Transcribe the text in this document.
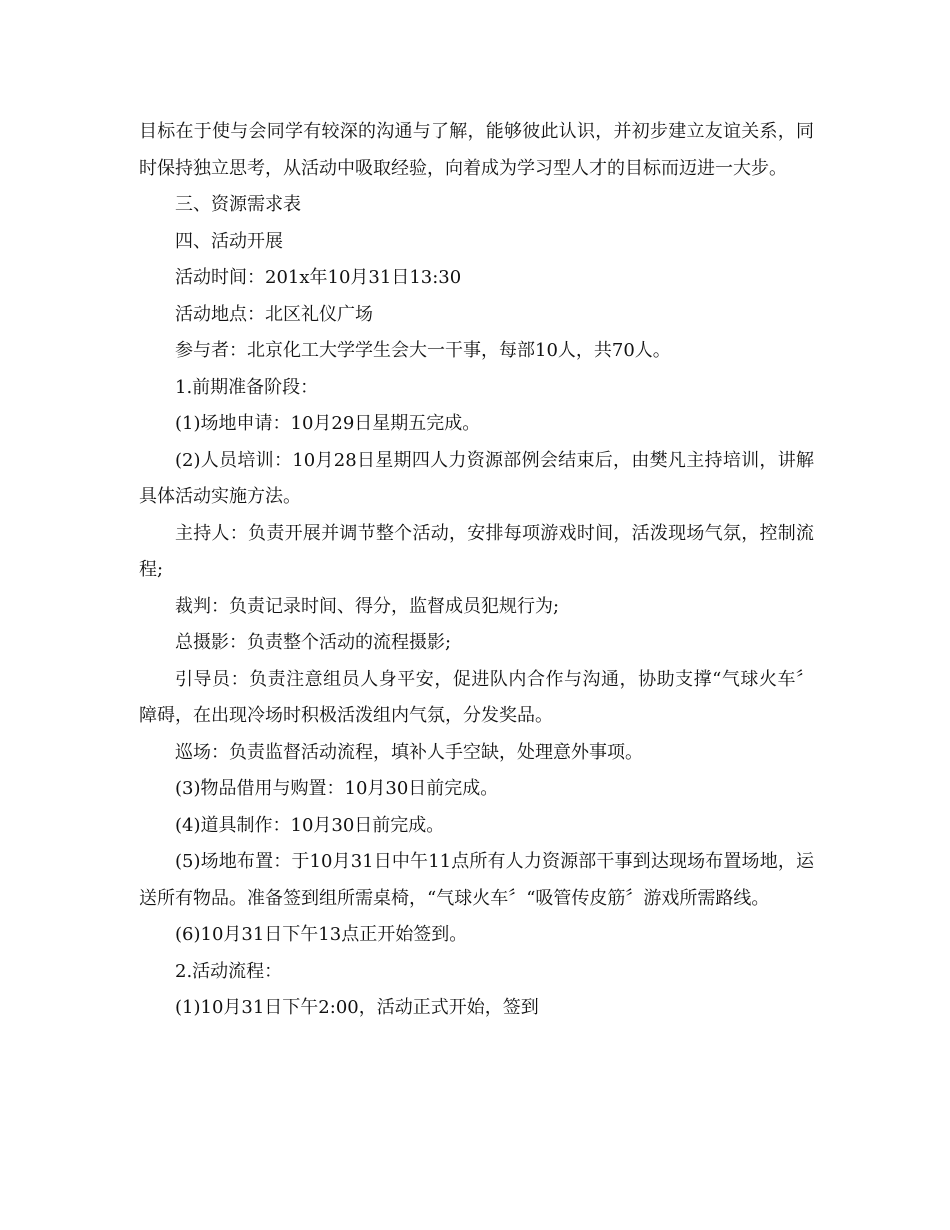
目标在于使与会同学有较深的沟通与了解，能够彼此认识，并初步建立友谊关系，同时保持独立思考，从活动中吸取经验，向着成为学习型人才的目标而迈进一大步。

三、资源需求表

四、活动开展

活动时间：201x年10月31日13:30

活动地点：北区礼仪广场

参与者：北京化工大学学生会大一干事，每部10人，共70人。

1.前期准备阶段：

(1)场地申请：10月29日星期五完成。

(2)人员培训：10月28日星期四人力资源部例会结束后，由樊凡主持培训，讲解具体活动实施方法。

主持人：负责开展并调节整个活动，安排每项游戏时间，活泼现场气氛，控制流程;

裁判：负责记录时间、得分，监督成员犯规行为;

总摄影：负责整个活动的流程摄影;

引导员：负责注意组员人身平安，促进队内合作与沟通，协助支撑“气球火车〞障碍，在出现冷场时积极活泼组内气氛，分发奖品。

巡场：负责监督活动流程，填补人手空缺，处理意外事项。

(3)物品借用与购置：10月30日前完成。

(4)道具制作：10月30日前完成。

(5)场地布置：于10月31日中午11点所有人力资源部干事到达现场布置场地，运送所有物品。准备签到组所需桌椅，“气球火车〞“吸管传皮筋〞游戏所需路线。

(6)10月31日下午13点正开始签到。

2.活动流程：

(1)10月31日下午2:00，活动正式开始，签到
